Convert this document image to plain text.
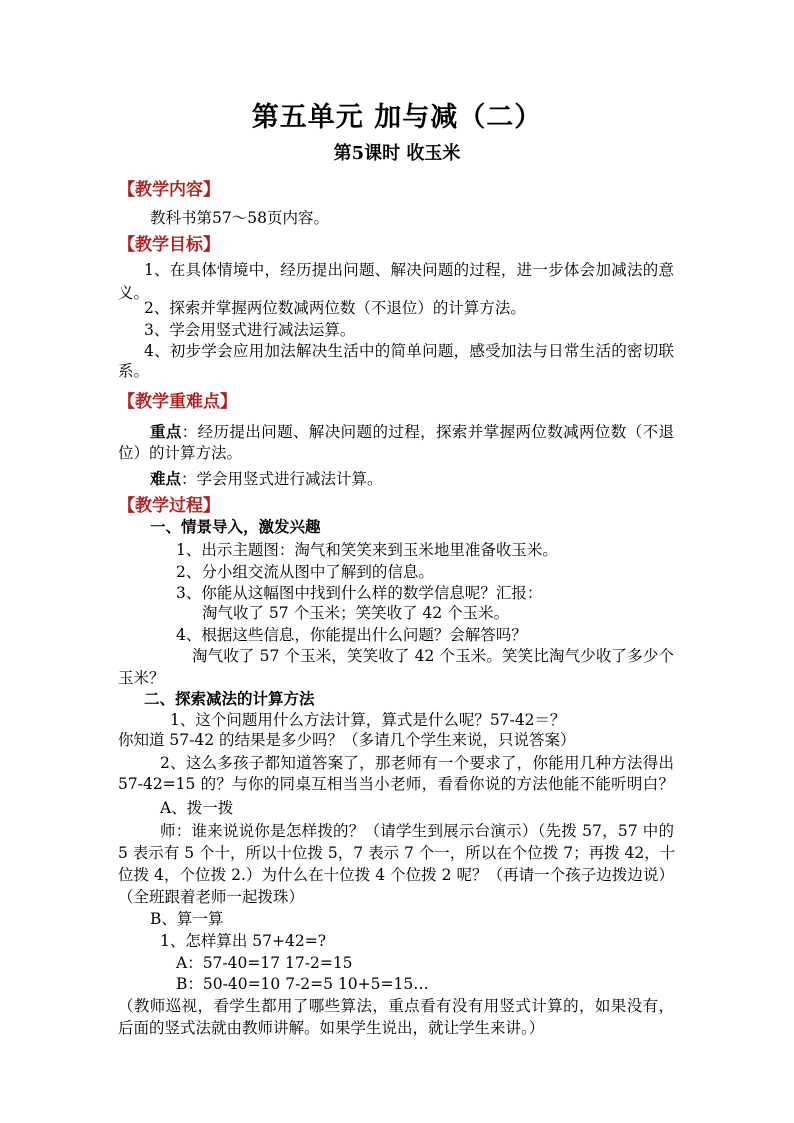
第五单元 加与减（二）
第5课时 收玉米
【教学内容】
教科书第57～58页内容。
【教学目标】
1、在具体情境中，经历提出问题、解决问题的过程，进一步体会加减法的意
义。
2、探索并掌握两位数减两位数（不退位）的计算方法。
3、学会用竖式进行减法运算。
4、初步学会应用加法解决生活中的简单问题，感受加法与日常生活的密切联
系。
【教学重难点】
重点：经历提出问题、解决问题的过程，探索并掌握两位数减两位数（不退
位）的计算方法。
难点：学会用竖式进行减法计算。
【教学过程】
一、情景导入，激发兴趣
1、出示主题图：淘气和笑笑来到玉米地里准备收玉米。
2、分小组交流从图中了解到的信息。
3、你能从这幅图中找到什么样的数学信息呢？汇报：
淘气收了 57 个玉米；笑笑收了 42 个玉米。
4、根据这些信息，你能提出什么问题？会解答吗？
淘气收了 57 个玉米，笑笑收了 42 个玉米。笑笑比淘气少收了多少个
玉米？
二、探索减法的计算方法
1、这个问题用什么方法计算，算式是什么呢？57-42＝？
你知道 57-42 的结果是多少吗？（多请几个学生来说，只说答案）
2、这么多孩子都知道答案了，那老师有一个要求了，你能用几种方法得出
57-42=15 的？与你的同桌互相当当小老师，看看你说的方法他能不能听明白？
A、拨一拨
师：谁来说说你是怎样拨的？（请学生到展示台演示）（先拨 57，57 中的
5 表示有 5 个十，所以十位拨 5，7 表示 7 个一，所以在个位拨 7；再拨 42，十
位拨 4，个位拨 2.）为什么在十位拨 4 个位拨 2 呢？（再请一个孩子边拨边说）
（全班跟着老师一起拨珠）
B、算一算
1、怎样算出 57+42=?
A：57-40=17 17-2=15
B：50-40=10 7-2=5 10+5=15…
（教师巡视，看学生都用了哪些算法，重点看有没有用竖式计算的，如果没有，
后面的竖式法就由教师讲解。如果学生说出，就让学生来讲。）
